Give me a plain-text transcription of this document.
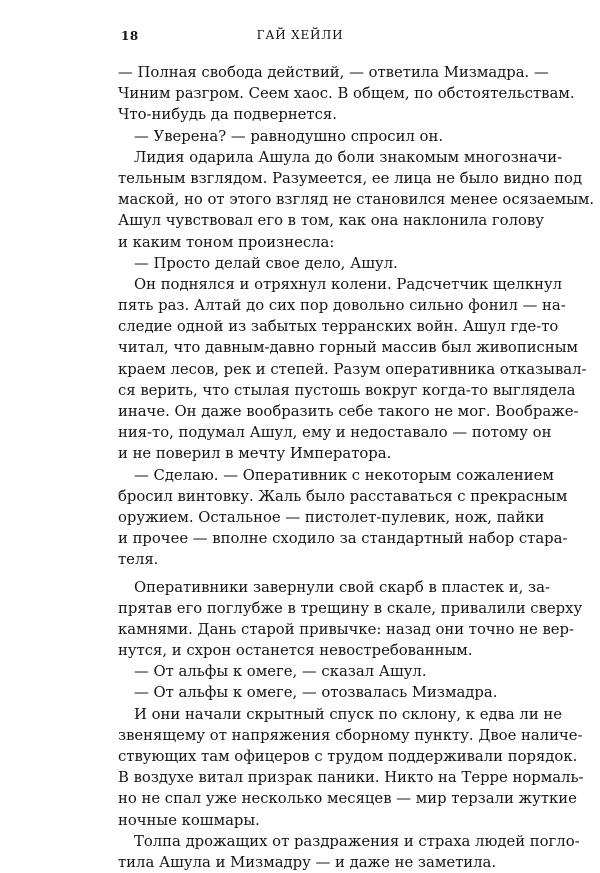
18	ГАЙ ХЕЙЛИ
— Полная свобода действий, — ответила Мизмадра. —
Чиним разгром. Сеем хаос. В общем, по обстоятельствам.
Что-нибудь да подвернется.
— Уверена? — равнодушно спросил он.
Лидия одарила Ашула до боли знакомым многозначи-
тельным взглядом. Разумеется, ее лица не было видно под
маской, но от этого взгляд не становился менее осязаемым.
Ашул чувствовал его в том, как она наклонила голову
и каким тоном произнесла:
— Просто делай свое дело, Ашул.
Он поднялся и отряхнул колени. Радсчетчик щелкнул
пять раз. Алтай до сих пор довольно сильно фонил — на-
следие одной из забытых терранских войн. Ашул где-то
читал, что давным-давно горный массив был живописным
краем лесов, рек и степей. Разум оперативника отказывал-
ся верить, что стылая пустошь вокруг когда-то выглядела
иначе. Он даже вообразить себе такого не мог. Воображе-
ния-то, подумал Ашул, ему и недоставало — потому он
и не поверил в мечту Императора.
— Сделаю. — Оперативник с некоторым сожалением
бросил винтовку. Жаль было расставаться с прекрасным
оружием. Остальное — пистолет-пулевик, нож, пайки
и прочее — вполне сходило за стандартный набор старa-
теля.
Оперативники завернули свой скарб в пластек и, за-
прятав его поглубже в трещину в скале, привалили сверху
камнями. Дань старой привычке: назад они точно не вер-
нутся, и схрон останется невостребованным.
— От альфы к омеге, — сказал Ашул.
— От альфы к омеге, — отозвалась Мизмадра.
И они начали скрытный спуск по склону, к едва ли не
звенящему от напряжения сборному пункту. Двое наличе-
ствующих там офицеров с трудом поддерживали порядок.
В воздухе витал призрак паники. Никто на Терре нормаль-
но не спал уже несколько месяцев — мир терзали жуткие
ночные кошмары.
Толпа дрожащих от раздражения и страха людей погло-
тила Ашула и Мизмадру — и даже не заметила.
